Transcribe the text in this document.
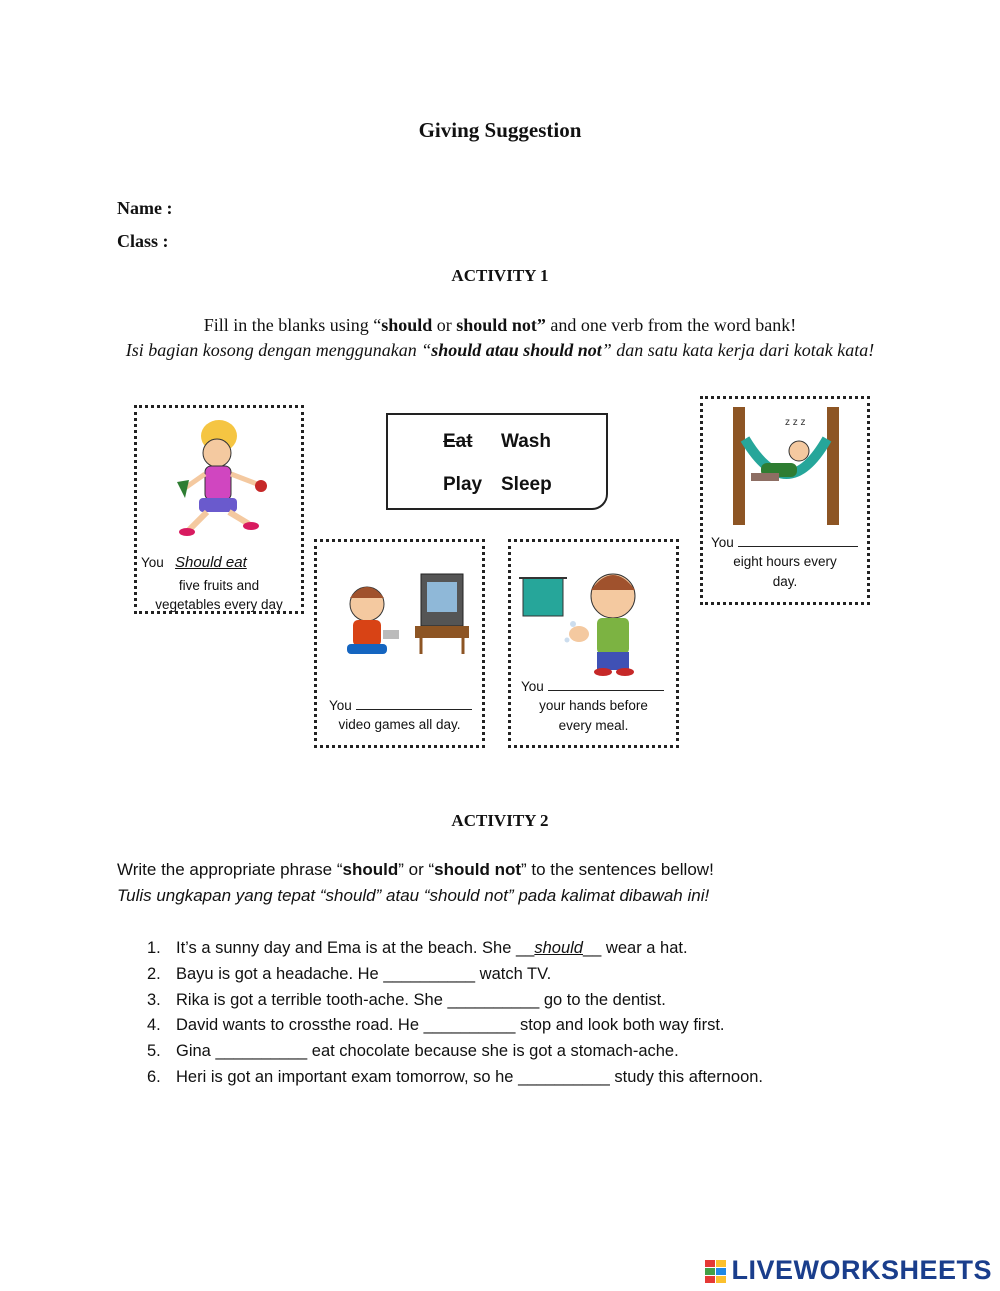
Giving Suggestion
Name :
Class :
ACTIVITY 1
Fill in the blanks using “should or should not” and one verb from the word bank!
Isi bagian kosong dengan menggunakan “should atau should not” dan satu kata kerja dari kotak kata!
Eat Wash
Play Sleep
You Should eat
five fruits and
vegetables every day
You
video games all day.
You
your hands before
every meal.
z z z
You
eight hours every
day.
ACTIVITY 2
Write the appropriate phrase “should” or “should not” to the sentences bellow!
Tulis ungkapan yang tepat “should” atau “should not” pada kalimat dibawah ini!
1. It’s a sunny day and Ema is at the beach. She __should__ wear a hat.
2. Bayu is got a headache. He __________ watch TV.
3. Rika is got a terrible tooth-ache. She __________ go to the dentist.
4. David wants to crossthe road. He __________ stop and look both way first.
5. Gina __________ eat chocolate because she is got a stomach-ache.
6. Heri is got an important exam tomorrow, so he __________ study this afternoon.
LIVEWORKSHEETS
